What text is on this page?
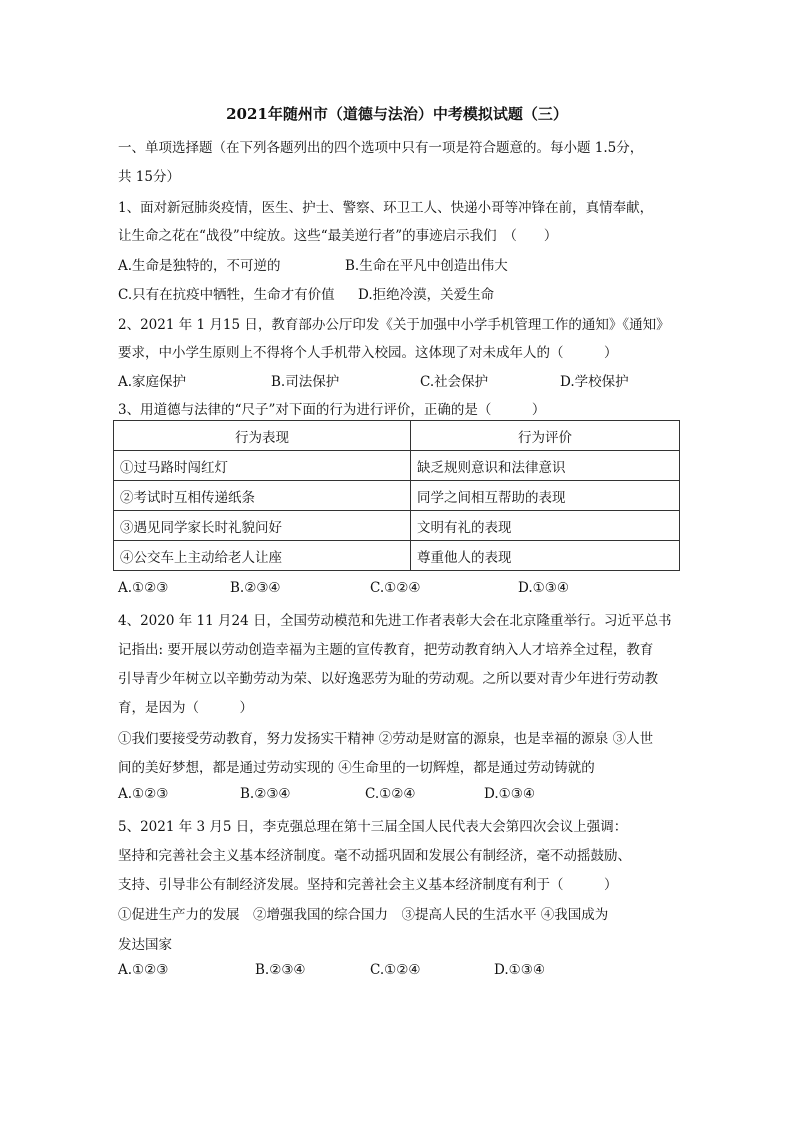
2021年随州市（道德与法治）中考模拟试题（三）
一、单项选择题（在下列各题列出的四个选项中只有一项是符合题意的。每小题 1.5分，
共 15分）
1、面对新冠肺炎疫情，医生、护士、警察、环卫工人、快递小哥等冲锋在前，真情奉献，
让生命之花在“战役”中绽放。这些“最美逆行者”的事迹启示我们　（　　）
A.生命是独特的，不可逆的	B.生命在平凡中创造出伟大
C.只有在抗疫中牺牲，生命才有价值 D.拒绝冷漠，关爱生命
2、2021 年 1 月15 日，教育部办公厅印发《关于加强中小学手机管理工作的通知》《通知》
要求，中小学生原则上不得将个人手机带入校园。这体现了对未成年人的（　　　）
A.家庭保护	B.司法保护	C.社会保护	D.学校保护
3、用道德与法律的“尺子”对下面的行为进行评价，正确的是（　　　）
行为表现	行为评价
①过马路时闯红灯	缺乏规则意识和法律意识
②考试时互相传递纸条	同学之间相互帮助的表现
③遇见同学家长时礼貌问好	文明有礼的表现
④公交车上主动给老人让座	尊重他人的表现
A.①②③	B.②③④	C.①②④	D.①③④
4、2020 年 11 月24 日，全国劳动模范和先进工作者表彰大会在北京隆重举行。习近平总书
记指出: 要开展以劳动创造幸福为主题的宣传教育，把劳动教育纳入人才培养全过程，教育
引导青少年树立以辛勤劳动为荣、以好逸恶劳为耻的劳动观。之所以要对青少年进行劳动教
育，是因为（　　　）
①我们要接受劳动教育，努力发扬实干精神 ②劳动是财富的源泉，也是幸福的源泉 ③人世
间的美好梦想，都是通过劳动实现的 ④生命里的一切辉煌，都是通过劳动铸就的
A.①②③	B.②③④	C.①②④	D.①③④
5、2021 年 3 月5 日，李克强总理在第十三届全国人民代表大会第四次会议上强调：
坚持和完善社会主义基本经济制度。毫不动摇巩固和发展公有制经济，毫不动摇鼓励、
支持、引导非公有制经济发展。坚持和完善社会主义基本经济制度有利于（　　　）
①促进生产力的发展　②增强我国的综合国力　③提高人民的生活水平 ④我国成为
发达国家
A.①②③	B.②③④	C.①②④	D.①③④
